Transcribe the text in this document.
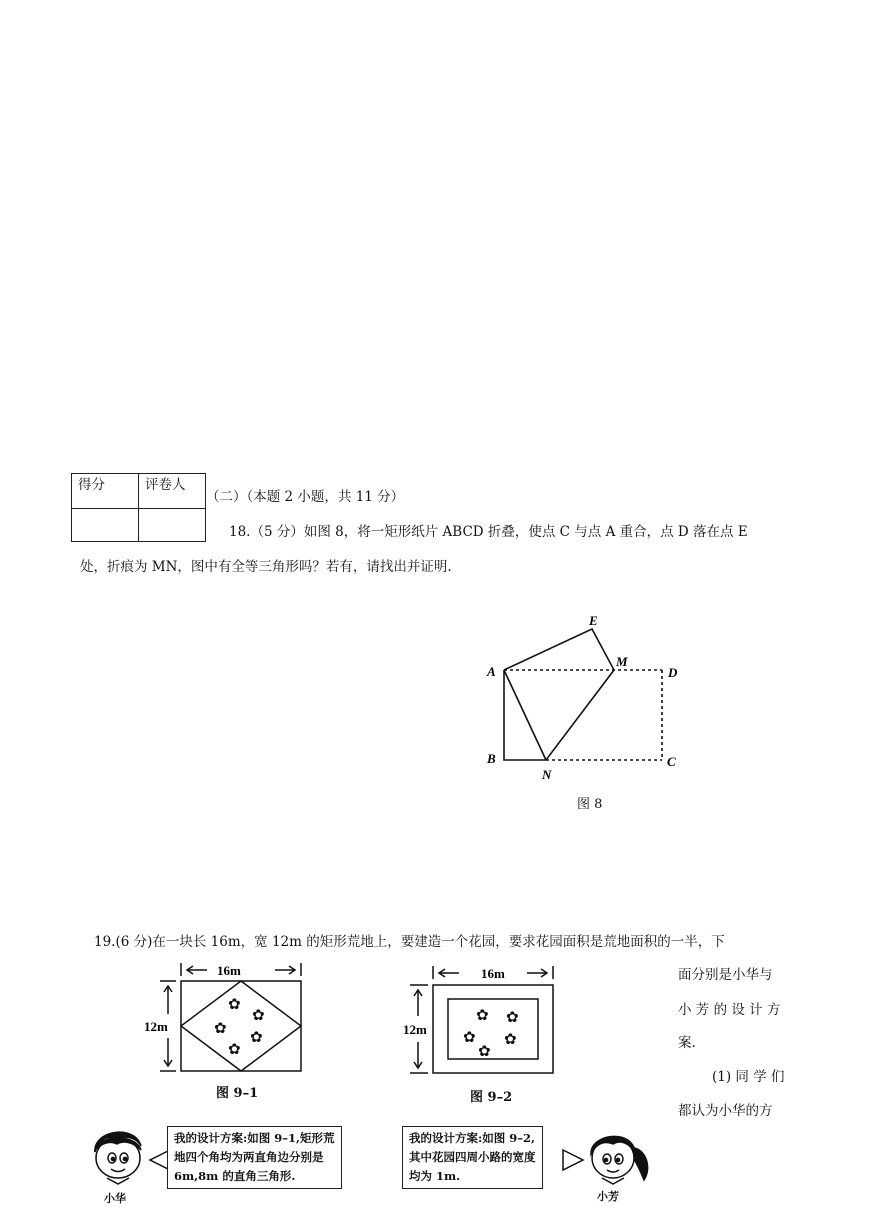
得分	评卷人

（二）（本题 2 小题，共 11 分）
18.（5 分）如图 8，将一矩形纸片 ABCD 折叠，使点 C 与点 A 重合，点 D 落在点 E
处，折痕为 MN，图中有全等三角形吗？若有，请找出并证明.
E
M
D
A
B
N
C
图 8
19.(6 分)在一块长 16m，宽 12m 的矩形荒地上，要建造一个花园，要求花园面积是荒地面积的一半，下
面分别是小华与
小 芳 的 设 计 方
案.
(1) 同 学 们
都认为小华的方
16m
12m
✿
✿
✿ ✿
✿
图 9–1
16m
12m
✿ ✿
✿ ✿
✿
图 9–2
小华
我的设计方案:如图 9–1,矩形荒
地四个角均为两直角边分别是
6m,8m 的直角三角形.
我的设计方案:如图 9–2,
其中花园四周小路的宽度
均为 1m.
小芳
